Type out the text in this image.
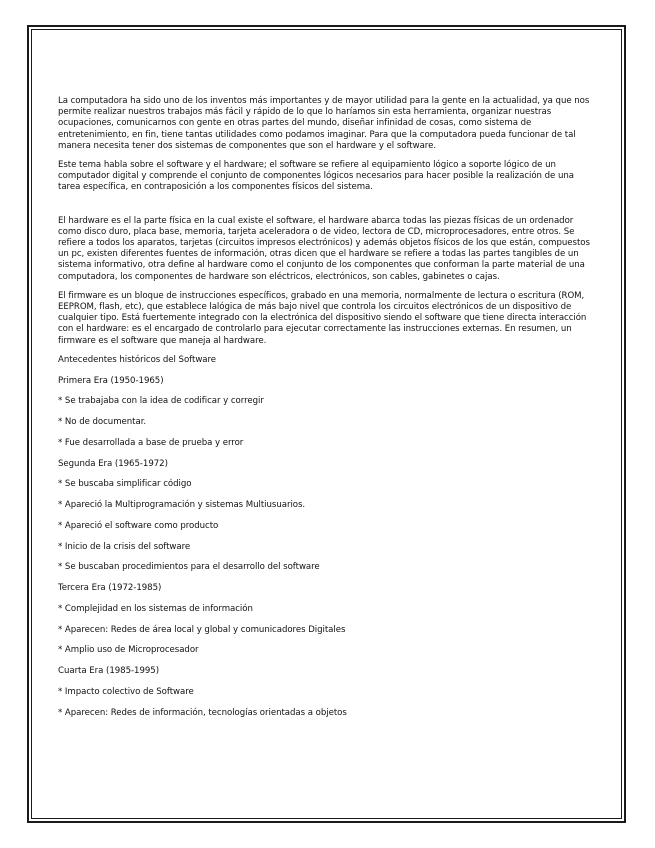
La computadora ha sido uno de los inventos más importantes y de mayor utilidad para la gente en la actualidad, ya que nos permite realizar nuestros trabajos más fácil y rápido de lo que lo haríamos sin esta herramienta, organizar nuestras ocupaciones, comunicarnos con gente en otras partes del mundo, diseñar infinidad de cosas, como sistema de entretenimiento, en fin, tiene tantas utilidades como podamos imaginar. Para que la computadora pueda funcionar de tal manera necesita tener dos sistemas de componentes que son el hardware y el software.

Este tema habla sobre el software y el hardware; el software se refiere al equipamiento lógico a soporte lógico de un computador digital y comprende el conjunto de componentes lógicos necesarios para hacer posible la realización de una tarea específica, en contraposición a los componentes físicos del sistema.

El hardware es el la parte física en la cual existe el software, el hardware abarca todas las piezas físicas de un ordenador como disco duro, placa base, memoria, tarjeta aceleradora o de video, lectora de CD, microprocesadores, entre otros. Se refiere a todos los aparatos, tarjetas (circuitos impresos electrónicos) y además objetos físicos de los que están, compuestos un pc, existen diferentes fuentes de información, otras dicen que el hardware se refiere a todas las partes tangibles de un sistema informativo, otra define al hardware como el conjunto de los componentes que conforman la parte material de una computadora, los componentes de hardware son eléctricos, electrónicos, son cables, gabinetes o cajas.

El firmware es un bloque de instrucciones específicos, grabado en una memoria, normalmente de lectura o escritura (ROM, EEPROM, flash, etc), que establece lalógica de más bajo nivel que controla los circuitos electrónicos de un dispositivo de cualquier tipo. Está fuertemente integrado con la electrónica del dispositivo siendo el software que tiene directa interacción con el hardware: es el encargado de controlarlo para ejecutar correctamente las instrucciones externas. En resumen, un firmware es el software que maneja al hardware.

Antecedentes históricos del Software
Primera Era (1950-1965)
* Se trabajaba con la idea de codificar y corregir
* No de documentar.
* Fue desarrollada a base de prueba y error
Segunda Era (1965-1972)
* Se buscaba simplificar código
* Apareció la Multiprogramación y sistemas Multiusuarios.
* Apareció el software como producto
* Inicio de la crisis del software
* Se buscaban procedimientos para el desarrollo del software
Tercera Era (1972-1985)
* Complejidad en los sistemas de información
* Aparecen: Redes de área local y global y comunicadores Digitales
* Amplio uso de Microprocesador
Cuarta Era (1985-1995)
* Impacto colectivo de Software
* Aparecen: Redes de información, tecnologías orientadas a objetos
